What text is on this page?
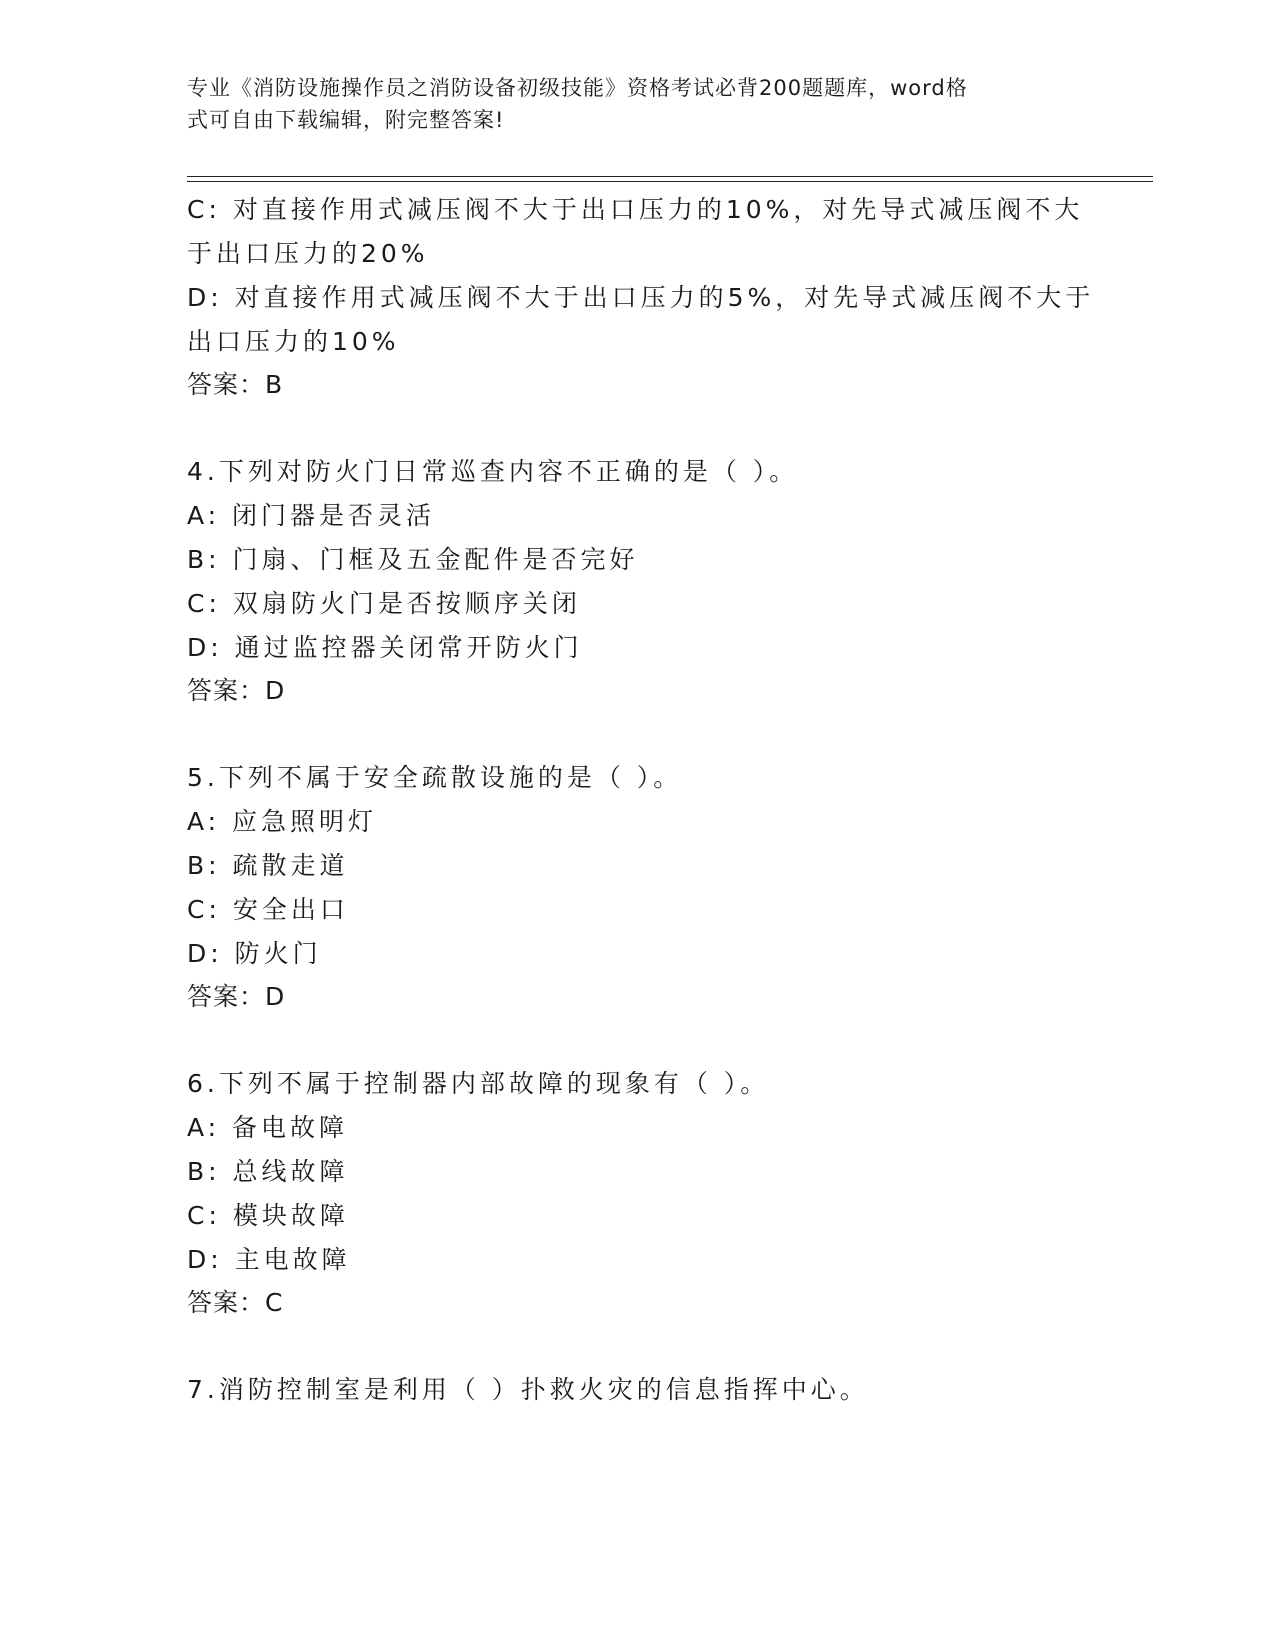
专业《消防设施操作员之消防设备初级技能》资格考试必背200题题库，word格
式可自由下载编辑，附完整答案!
C: 对直接作用式减压阀不大于出口压力的10%，对先导式减压阀不大
于出口压力的20%
D: 对直接作用式减压阀不大于出口压力的5%，对先导式减压阀不大于
出口压力的10%
答案：B
4.下列对防火门日常巡查内容不正确的是（ ）。
A: 闭门器是否灵活
B: 门扇、门框及五金配件是否完好
C: 双扇防火门是否按顺序关闭
D: 通过监控器关闭常开防火门
答案：D
5.下列不属于安全疏散设施的是（ ）。
A: 应急照明灯
B: 疏散走道
C: 安全出口
D: 防火门
答案：D
6.下列不属于控制器内部故障的现象有（ ）。
A: 备电故障
B: 总线故障
C: 模块故障
D: 主电故障
答案：C
7.消防控制室是利用（ ）扑救火灾的信息指挥中心。
